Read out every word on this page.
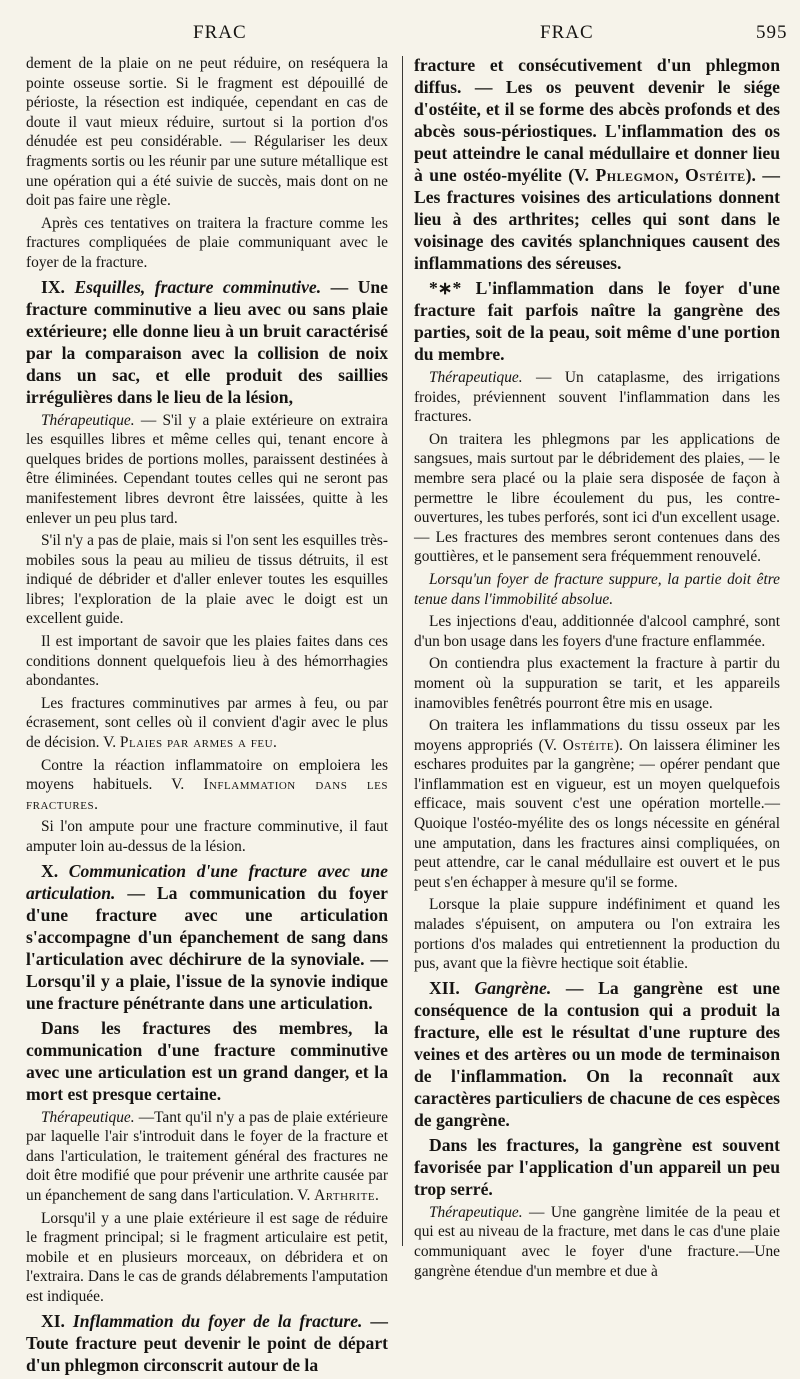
FRAC	FRAC	595

dement de la plaie on ne peut réduire, on reséquera la pointe osseuse sortie. Si le fragment est dépouillé de périoste, la résection est indiquée, cependant en cas de doute il vaut mieux réduire, surtout si la portion d'os dénudée est peu considérable. — Régulariser les deux fragments sortis ou les réunir par une suture métallique est une opération qui a été suivie de succès, mais dont on ne doit pas faire une règle.

Après ces tentatives on traitera la fracture comme les fractures compliquées de plaie communiquant avec le foyer de la fracture.

IX. Esquilles, fracture comminutive. — Une fracture comminutive a lieu avec ou sans plaie extérieure; elle donne lieu à un bruit caractérisé par la comparaison avec la collision de noix dans un sac, et elle produit des saillies irrégulières dans le lieu de la lésion,

Thérapeutique. — S'il y a plaie extérieure on extraira les esquilles libres et même celles qui, tenant encore à quelques brides de portions molles, paraissent destinées à être éliminées. Cependant toutes celles qui ne seront pas manifestement libres devront être laissées, quitte à les enlever un peu plus tard.

S'il n'y a pas de plaie, mais si l'on sent les esquilles très-mobiles sous la peau au milieu de tissus détruits, il est indiqué de débrider et d'aller enlever toutes les esquilles libres; l'exploration de la plaie avec le doigt est un excellent guide.

Il est important de savoir que les plaies faites dans ces conditions donnent quelquefois lieu à des hémorrhagies abondantes.

Les fractures comminutives par armes à feu, ou par écrasement, sont celles où il convient d'agir avec le plus de décision. V. Plaies par armes a feu.

Contre la réaction inflammatoire on emploiera les moyens habituels. V. Inflammation dans les fractures.

Si l'on ampute pour une fracture comminutive, il faut amputer loin au-dessus de la lésion.

X. Communication d'une fracture avec une articulation. — La communication du foyer d'une fracture avec une articulation s'accompagne d'un épanchement de sang dans l'articulation avec déchirure de la synoviale. — Lorsqu'il y a plaie, l'issue de la synovie indique une fracture pénétrante dans une articulation.

Dans les fractures des membres, la communication d'une fracture comminutive avec une articulation est un grand danger, et la mort est presque certaine.

Thérapeutique. —Tant qu'il n'y a pas de plaie extérieure par laquelle l'air s'introduit dans le foyer de la fracture et dans l'articulation, le traitement général des fractures ne doit être modifié que pour prévenir une arthrite causée par un épanchement de sang dans l'articulation. V. Arthrite.

Lorsqu'il y a une plaie extérieure il est sage de réduire le fragment principal; si le fragment articulaire est petit, mobile et en plusieurs morceaux, on débridera et on l'extraira. Dans le cas de grands délabrements l'amputation est indiquée.

XI. Inflammation du foyer de la fracture. — Toute fracture peut devenir le point de départ d'un phlegmon circonscrit autour de la

fracture et consécutivement d'un phlegmon diffus. — Les os peuvent devenir le siége d'ostéite, et il se forme des abcès profonds et des abcès sous-périostiques. L'inflammation des os peut atteindre le canal médullaire et donner lieu à une ostéo-myélite (V. Phlegmon, Ostéite). — Les fractures voisines des articulations donnent lieu à des arthrites; celles qui sont dans le voisinage des cavités splanchniques causent des inflammations des séreuses.

*∗* L'inflammation dans le foyer d'une fracture fait parfois naître la gangrène des parties, soit de la peau, soit même d'une portion du membre.

Thérapeutique. — Un cataplasme, des irrigations froides, préviennent souvent l'inflammation dans les fractures.

On traitera les phlegmons par les applications de sangsues, mais surtout par le débridement des plaies, — le membre sera placé ou la plaie sera disposée de façon à permettre le libre écoulement du pus, les contre-ouvertures, les tubes perforés, sont ici d'un excellent usage. — Les fractures des membres seront contenues dans des gouttières, et le pansement sera fréquemment renouvelé.

Lorsqu'un foyer de fracture suppure, la partie doit être tenue dans l'immobilité absolue.

Les injections d'eau, additionnée d'alcool camphré, sont d'un bon usage dans les foyers d'une fracture enflammée.

On contiendra plus exactement la fracture à partir du moment où la suppuration se tarit, et les appareils inamovibles fenêtrés pourront être mis en usage.

On traitera les inflammations du tissu osseux par les moyens appropriés (V. Ostéite). On laissera éliminer les eschares produites par la gangrène; — opérer pendant que l'inflammation est en vigueur, est un moyen quelquefois efficace, mais souvent c'est une opération mortelle.—Quoique l'ostéo-myélite des os longs nécessite en général une amputation, dans les fractures ainsi compliquées, on peut attendre, car le canal médullaire est ouvert et le pus peut s'en échapper à mesure qu'il se forme.

Lorsque la plaie suppure indéfiniment et quand les malades s'épuisent, on amputera ou l'on extraira les portions d'os malades qui entretiennent la production du pus, avant que la fièvre hectique soit établie.

XII. Gangrène. — La gangrène est une conséquence de la contusion qui a produit la fracture, elle est le résultat d'une rupture des veines et des artères ou un mode de terminaison de l'inflammation. On la reconnaît aux caractères particuliers de chacune de ces espèces de gangrène.

Dans les fractures, la gangrène est souvent favorisée par l'application d'un appareil un peu trop serré.

Thérapeutique. — Une gangrène limitée de la peau et qui est au niveau de la fracture, met dans le cas d'une plaie communiquant avec le foyer d'une fracture.—Une gangrène étendue d'un membre et due à
